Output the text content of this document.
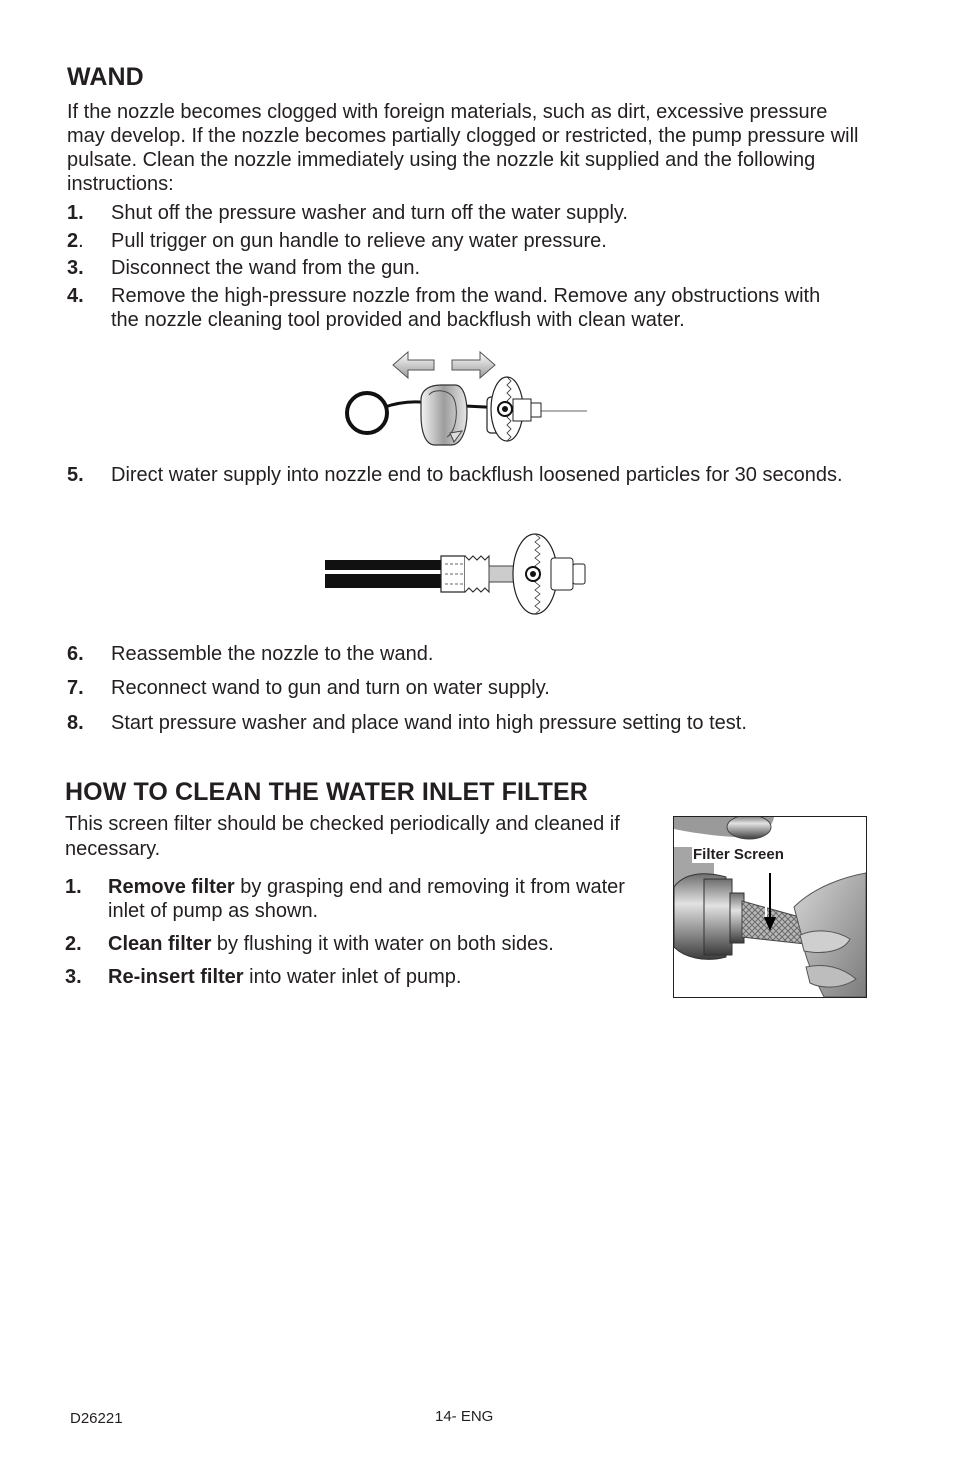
WAND
If the nozzle becomes clogged with foreign materials, such as dirt, excessive pressure may develop. If the nozzle becomes partially clogged or restricted, the pump pressure will pulsate. Clean the nozzle immediately using the nozzle kit supplied and the following instructions:
1. Shut off the pressure washer and turn off the water supply.
2. Pull trigger on gun handle to relieve any water pressure.
3. Disconnect the wand from the gun.
4. Remove the high-pressure nozzle from the wand. Remove any obstructions with the nozzle cleaning tool provided and backflush with clean water.
5. Direct water supply into nozzle end to backflush loosened particles for 30 seconds.
6. Reassemble the nozzle to the wand.
7. Reconnect wand to gun and turn on water supply.
8. Start pressure washer and place wand into high pressure setting to test.
HOW TO CLEAN THE WATER INLET FILTER
This screen filter should be checked periodically and cleaned if necessary.
1. Remove filter by grasping end and removing it from water inlet of pump as shown.
2. Clean filter by flushing it with water on both sides.
3. Re-insert filter into water inlet of pump.
Filter Screen
D26221	14- ENG
